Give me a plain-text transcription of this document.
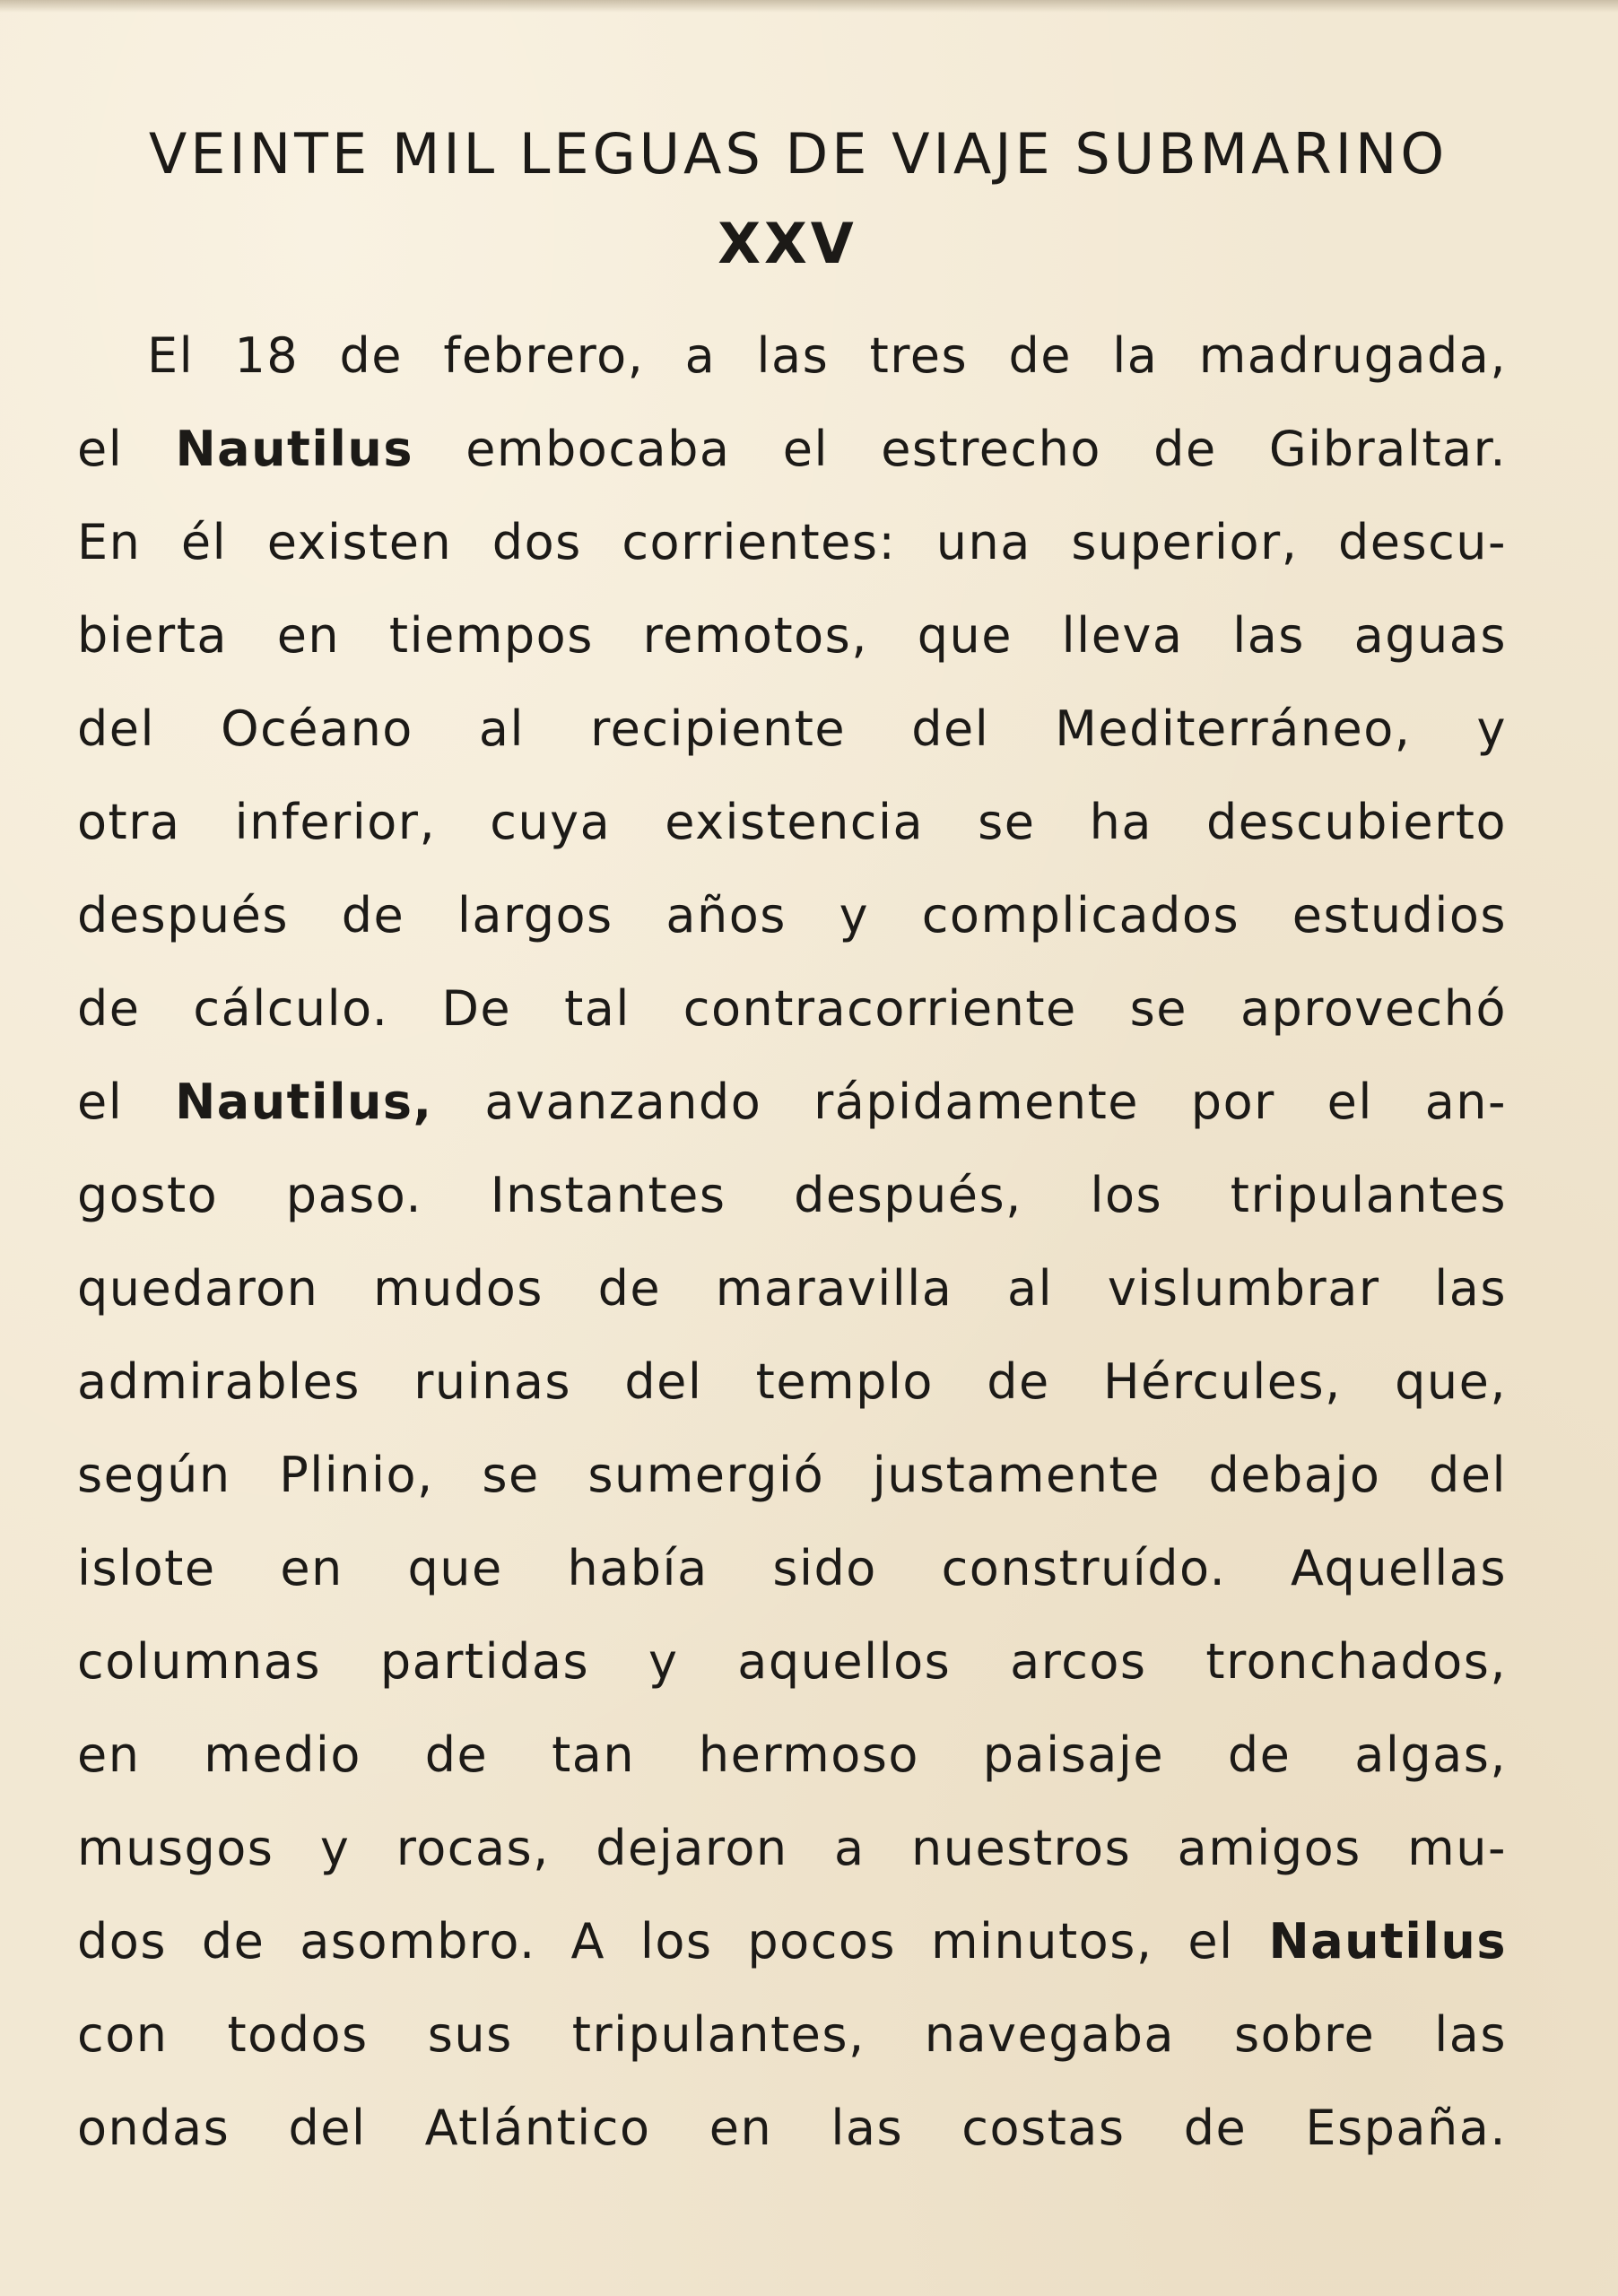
VEINTE MIL LEGUAS DE VIAJE SUBMARINO
XXV
El 18 de febrero, a las tres de la madrugada,
el Nautilus embocaba el estrecho de Gibraltar.
En él existen dos corrientes: una superior, descu-
bierta en tiempos remotos, que lleva las aguas
del Océano al recipiente del Mediterráneo, y
otra inferior, cuya existencia se ha descubierto
después de largos años y complicados estudios
de cálculo. De tal contracorriente se aprovechó
el Nautilus, avanzando rápidamente por el an-
gosto paso. Instantes después, los tripulantes
quedaron mudos de maravilla al vislumbrar las
admirables ruinas del templo de Hércules, que,
según Plinio, se sumergió justamente debajo del
islote en que había sido construído. Aquellas
columnas partidas y aquellos arcos tronchados,
en medio de tan hermoso paisaje de algas,
musgos y rocas, dejaron a nuestros amigos mu-
dos de asombro. A los pocos minutos, el Nautilus
con todos sus tripulantes, navegaba sobre las
ondas del Atlántico en las costas de España.
